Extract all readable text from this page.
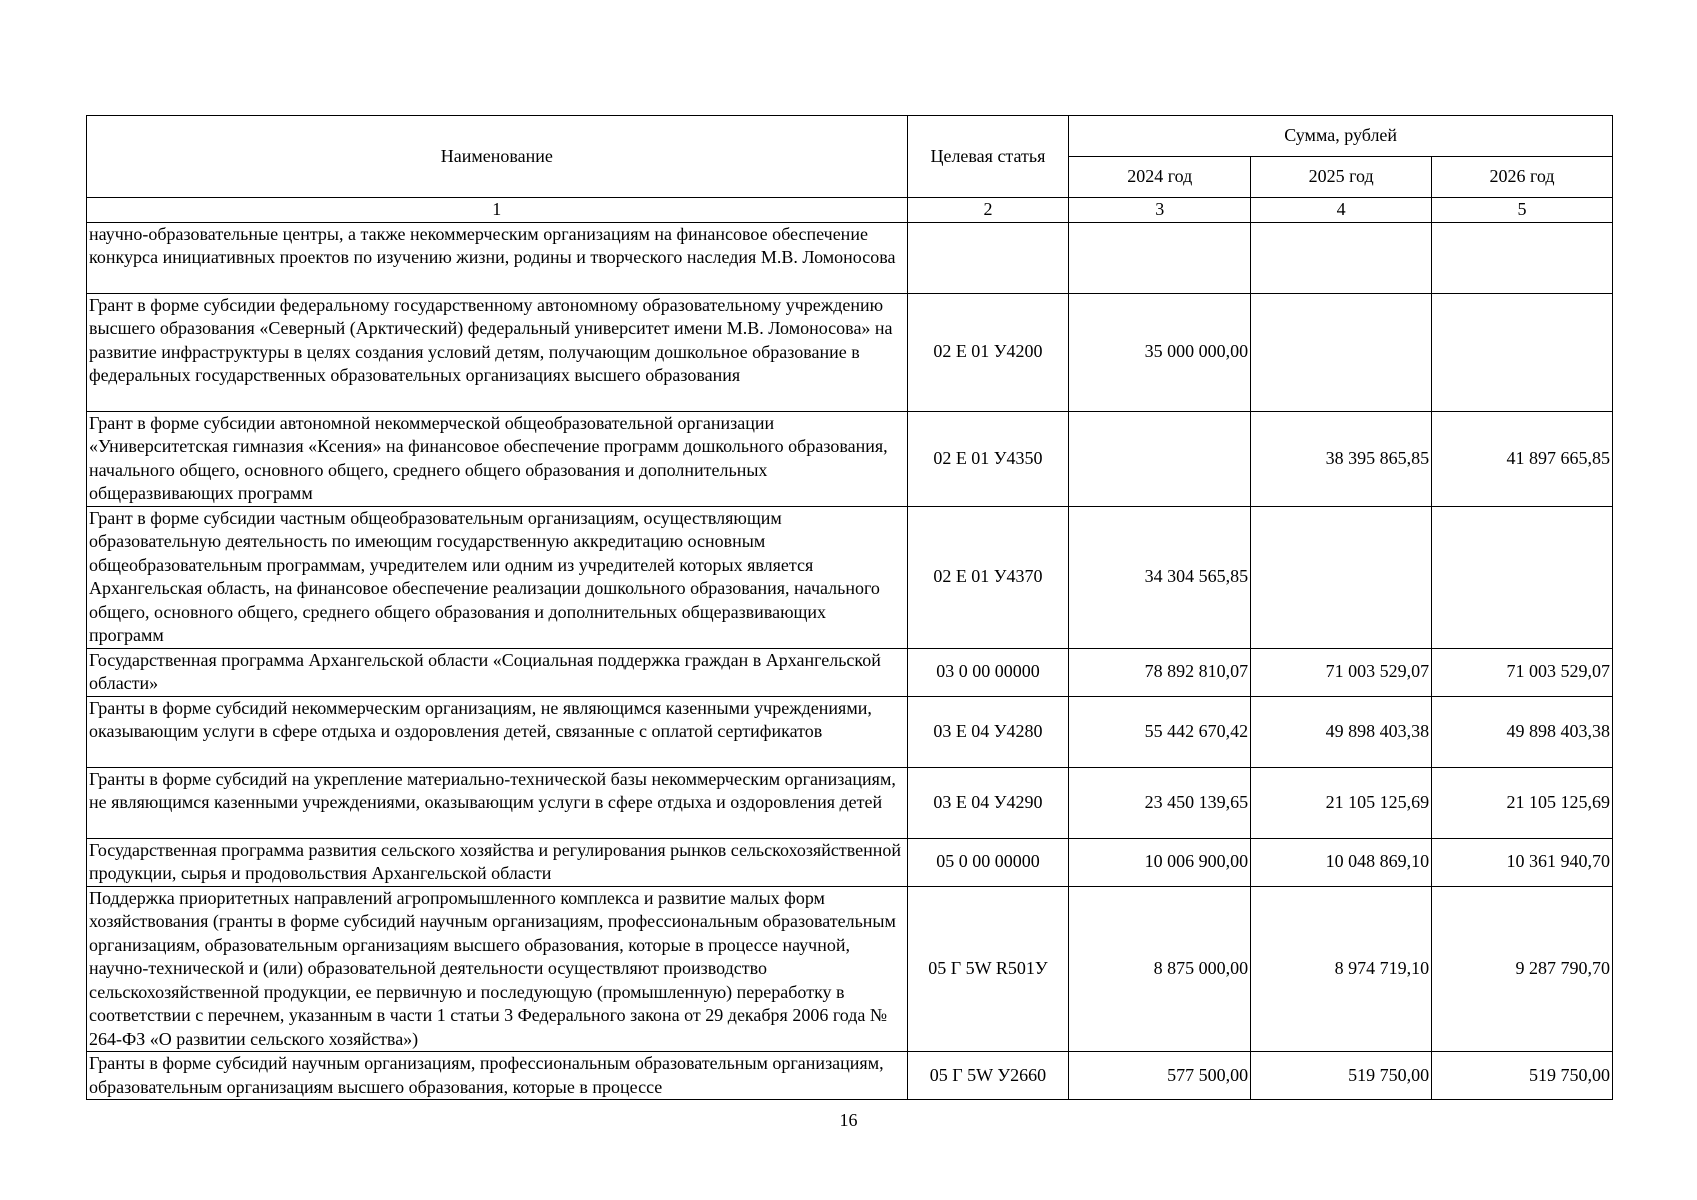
Наименование	Целевая статья	Сумма, рублей		
		2024 год	2025 год	2026 год
1	2	3	4	5
научно-образовательные центры, а также некоммерческим организациям на финансовое обеспечение конкурса инициативных проектов по изучению жизни, родины и творческого наследия М.В. Ломоносова				
Грант в форме субсидии федеральному государственному автономному образовательному учреждению высшего образования «Северный (Арктический) федеральный университет имени М.В. Ломоносова» на развитие инфраструктуры в целях создания условий детям, получающим дошкольное образование в федеральных государственных образовательных организациях высшего образования	02 Е 01 У4200	35 000 000,00		
Грант в форме субсидии автономной некоммерческой общеобразовательной организации «Университетская гимназия «Ксения» на финансовое обеспечение программ дошкольного образования, начального общего, основного общего, среднего общего образования и дополнительных общеразвивающих программ	02 Е 01 У4350		38 395 865,85	41 897 665,85
Грант в форме субсидии частным общеобразовательным организациям, осуществляющим образовательную деятельность по имеющим государственную аккредитацию основным общеобразовательным программам, учредителем или одним из учредителей которых является Архангельская область, на финансовое обеспечение реализации дошкольного образования, начального общего, основного общего, среднего общего образования и дополнительных общеразвивающих программ	02 Е 01 У4370	34 304 565,85		
Государственная программа Архангельской области «Социальная поддержка граждан в Архангельской области»	03 0 00 00000	78 892 810,07	71 003 529,07	71 003 529,07
Гранты в форме субсидий некоммерческим организациям, не являющимся казенными учреждениями, оказывающим услуги в сфере отдыха и оздоровления детей, связанные с оплатой сертификатов	03 Е 04 У4280	55 442 670,42	49 898 403,38	49 898 403,38
Гранты в форме субсидий на укрепление материально-технической базы некоммерческим организациям, не являющимся казенными учреждениями, оказывающим услуги в сфере отдыха и оздоровления детей	03 Е 04 У4290	23 450 139,65	21 105 125,69	21 105 125,69
Государственная программа развития сельского хозяйства и регулирования рынков сельскохозяйственной продукции, сырья и продовольствия Архангельской области	05 0 00 00000	10 006 900,00	10 048 869,10	10 361 940,70
Поддержка приоритетных направлений агропромышленного комплекса и развитие малых форм хозяйствования (гранты в форме субсидий научным организациям, профессиональным образовательным организациям, образовательным организациям высшего образования, которые в процессе научной, научно-технической и (или) образовательной деятельности осуществляют производство сельскохозяйственной продукции, ее первичную и последующую (промышленную) переработку в соответствии с перечнем, указанным в части 1 статьи 3 Федерального закона от 29 декабря 2006 года № 264-ФЗ «О развитии сельского хозяйства»)	05 Г 5W R501У	8 875 000,00	8 974 719,10	9 287 790,70
Гранты в форме субсидий научным организациям, профессиональным образовательным организациям, образовательным организациям высшего образования, которые в процессе	05 Г 5W У2660	577 500,00	519 750,00	519 750,00
16
